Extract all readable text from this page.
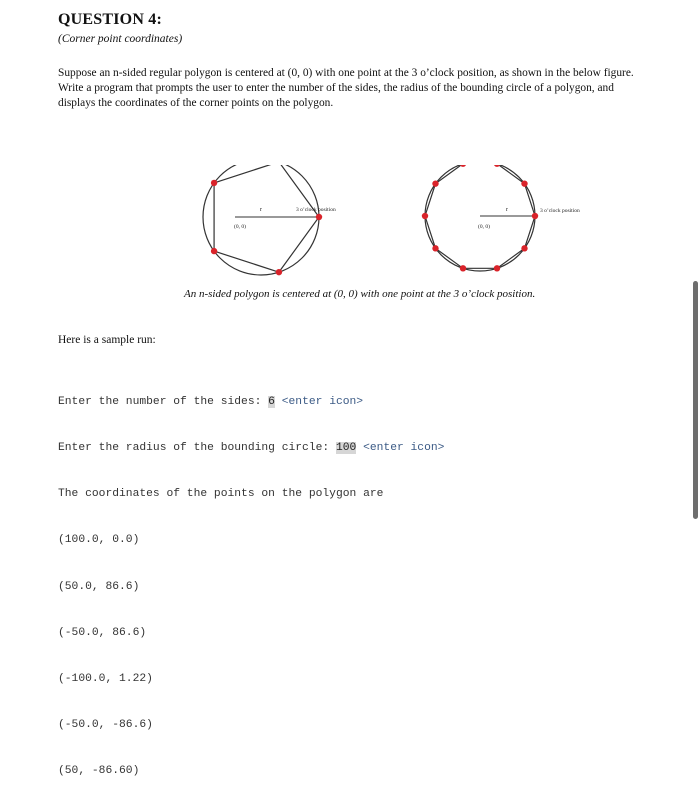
QUESTION 4:
(Corner point coordinates)
Suppose an n-sided regular polygon is centered at (0, 0) with one point at the 3 o’clock position, as shown in the below figure.
Write a program that prompts the user to enter the number of the sides, the radius of the bounding circle of a polygon, and
displays the coordinates of the corner points on the polygon.
r
(0, 0)
3 o’clock position	r
(0, 0)
3 o’clock position
An n-sided polygon is centered at (0, 0) with one point at the 3 o’clock position.
Here is a sample run:

Enter the number of the sides: 6 <enter icon>

Enter the radius of the bounding circle: 100 <enter icon>

The coordinates of the points on the polygon are

(100.0, 0.0)

(50.0, 86.6)

(-50.0, 86.6)

(-100.0, 1.22)

(-50.0, -86.6)

(50, -86.60)
